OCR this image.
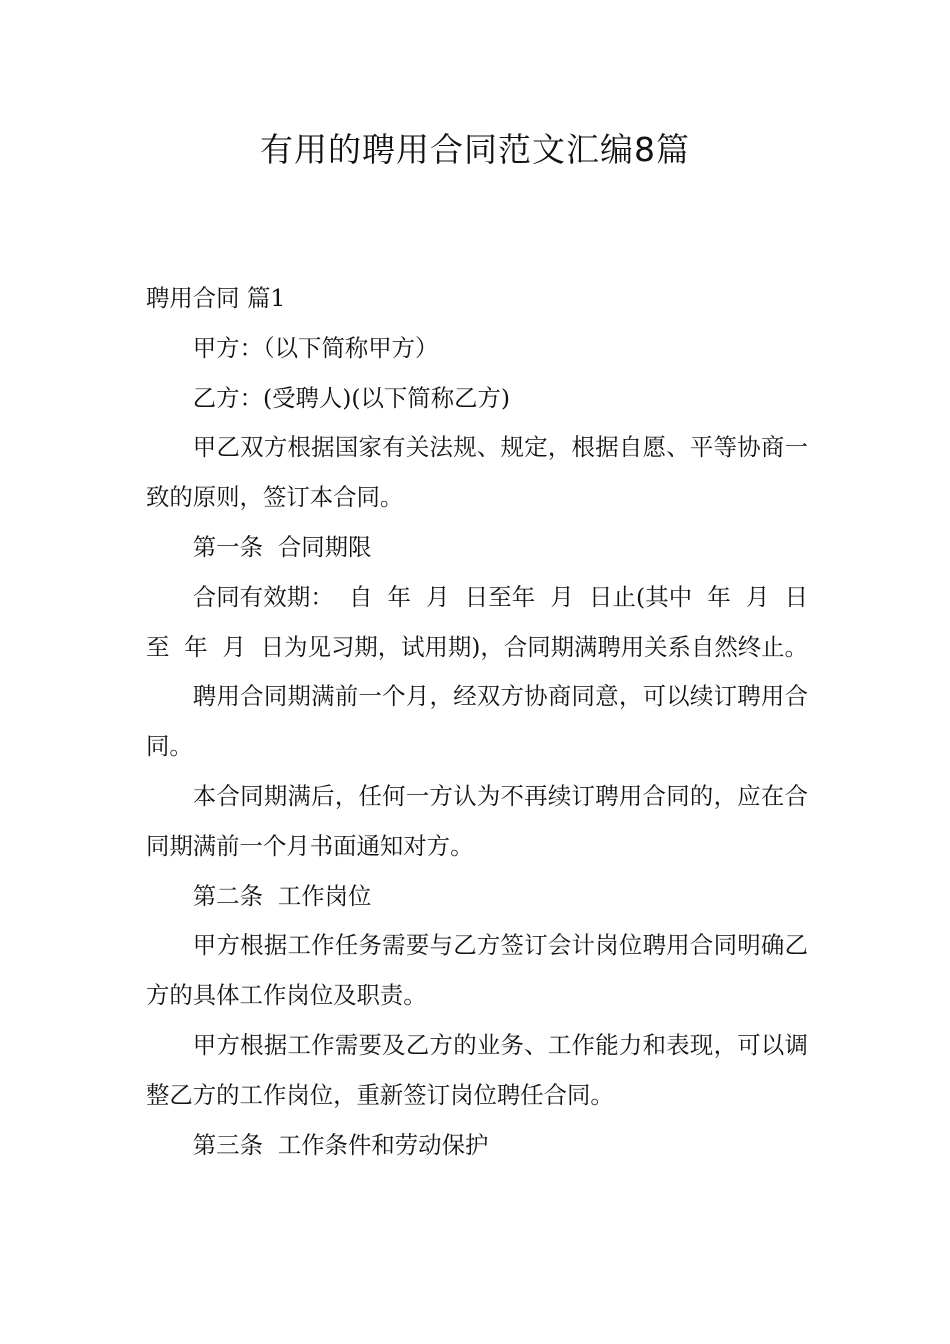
有用的聘用合同范文汇编8篇

聘用合同 篇1

甲方：（以下简称甲方）

乙方：(受聘人)(以下简称乙方)

甲乙双方根据国家有关法规、规定，根据自愿、平等协商一致的原则，签订本合同。

第一条  合同期限

合同有效期：  自  年  月  日至年  月  日止(其中  年  月  日至  年  月  日为见习期，试用期)，合同期满聘用关系自然终止。

聘用合同期满前一个月，经双方协商同意，可以续订聘用合同。

本合同期满后，任何一方认为不再续订聘用合同的，应在合同期满前一个月书面通知对方。

第二条  工作岗位

甲方根据工作任务需要与乙方签订会计岗位聘用合同明确乙方的具体工作岗位及职责。

甲方根据工作需要及乙方的业务、工作能力和表现，可以调整乙方的工作岗位，重新签订岗位聘任合同。

第三条  工作条件和劳动保护
